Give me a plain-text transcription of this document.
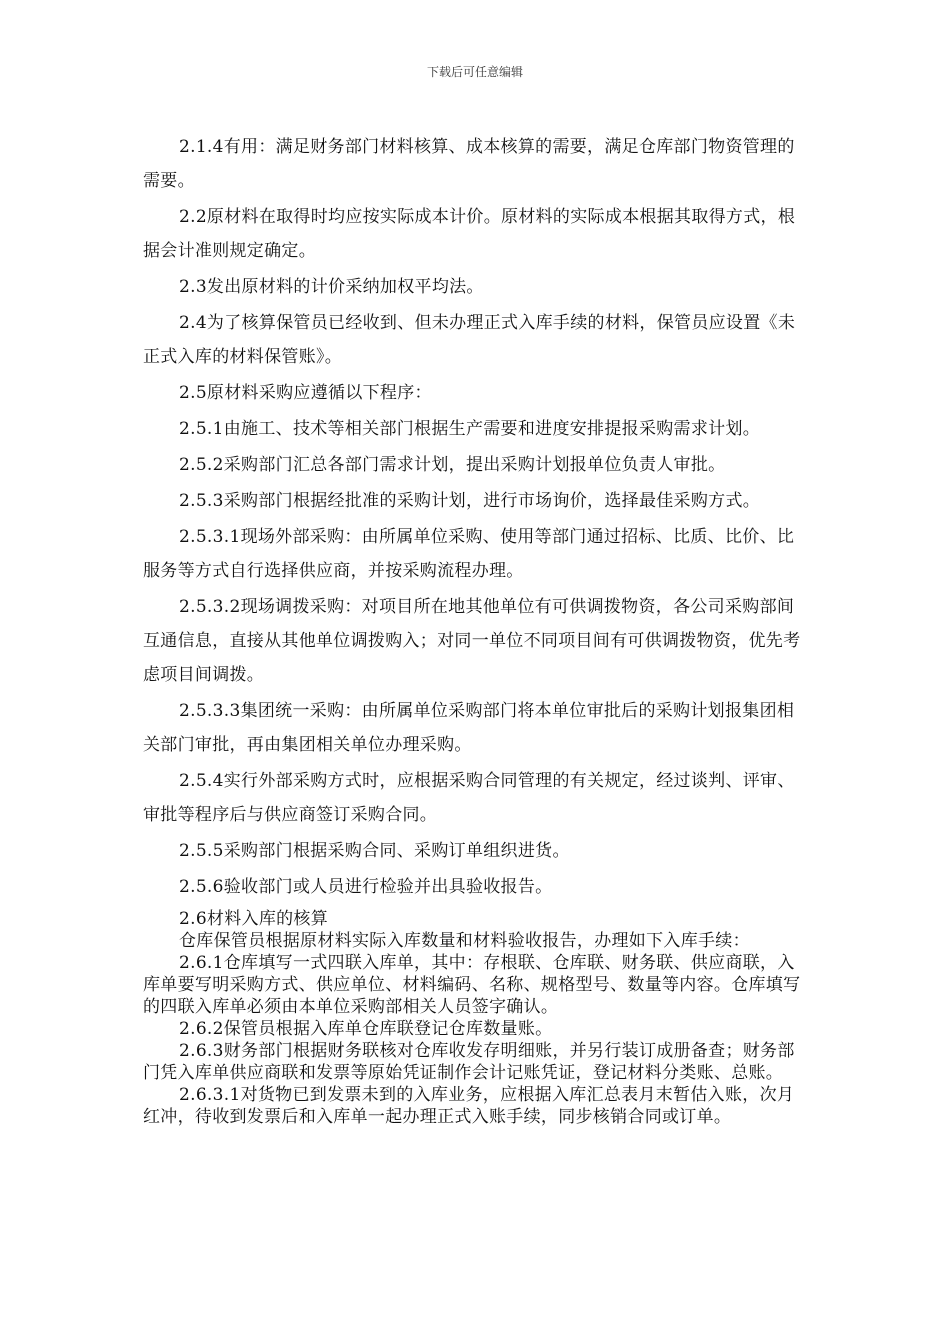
下载后可任意编辑

2.1.4有用：满足财务部门材料核算、成本核算的需要，满足仓库部门物资管理的需要。

2.2原材料在取得时均应按实际成本计价。原材料的实际成本根据其取得方式，根据会计准则规定确定。

2.3发出原材料的计价采纳加权平均法。

2.4为了核算保管员已经收到、但未办理正式入库手续的材料，保管员应设置《未正式入库的材料保管账》。

2.5原材料采购应遵循以下程序：

2.5.1由施工、技术等相关部门根据生产需要和进度安排提报采购需求计划。

2.5.2采购部门汇总各部门需求计划，提出采购计划报单位负责人审批。

2.5.3采购部门根据经批准的采购计划，进行市场询价，选择最佳采购方式。

2.5.3.1现场外部采购：由所属单位采购、使用等部门通过招标、比质、比价、比服务等方式自行选择供应商，并按采购流程办理。

2.5.3.2现场调拨采购：对项目所在地其他单位有可供调拨物资，各公司采购部间互通信息，直接从其他单位调拨购入；对同一单位不同项目间有可供调拨物资，优先考虑项目间调拨。

2.5.3.3集团统一采购：由所属单位采购部门将本单位审批后的采购计划报集团相关部门审批，再由集团相关单位办理采购。

2.5.4实行外部采购方式时，应根据采购合同管理的有关规定，经过谈判、评审、审批等程序后与供应商签订采购合同。

2.5.5采购部门根据采购合同、采购订单组织进货。

2.5.6验收部门或人员进行检验并出具验收报告。

2.6材料入库的核算

仓库保管员根据原材料实际入库数量和材料验收报告，办理如下入库手续：

2.6.1仓库填写一式四联入库单，其中：存根联、仓库联、财务联、供应商联，入库单要写明采购方式、供应单位、材料编码、名称、规格型号、数量等内容。仓库填写的四联入库单必须由本单位采购部相关人员签字确认。

2.6.2保管员根据入库单仓库联登记仓库数量账。

2.6.3财务部门根据财务联核对仓库收发存明细账，并另行装订成册备查；财务部门凭入库单供应商联和发票等原始凭证制作会计记账凭证，登记材料分类账、总账。

2.6.3.1对货物已到发票未到的入库业务，应根据入库汇总表月末暂估入账，次月红冲，待收到发票后和入库单一起办理正式入账手续，同步核销合同或订单。
